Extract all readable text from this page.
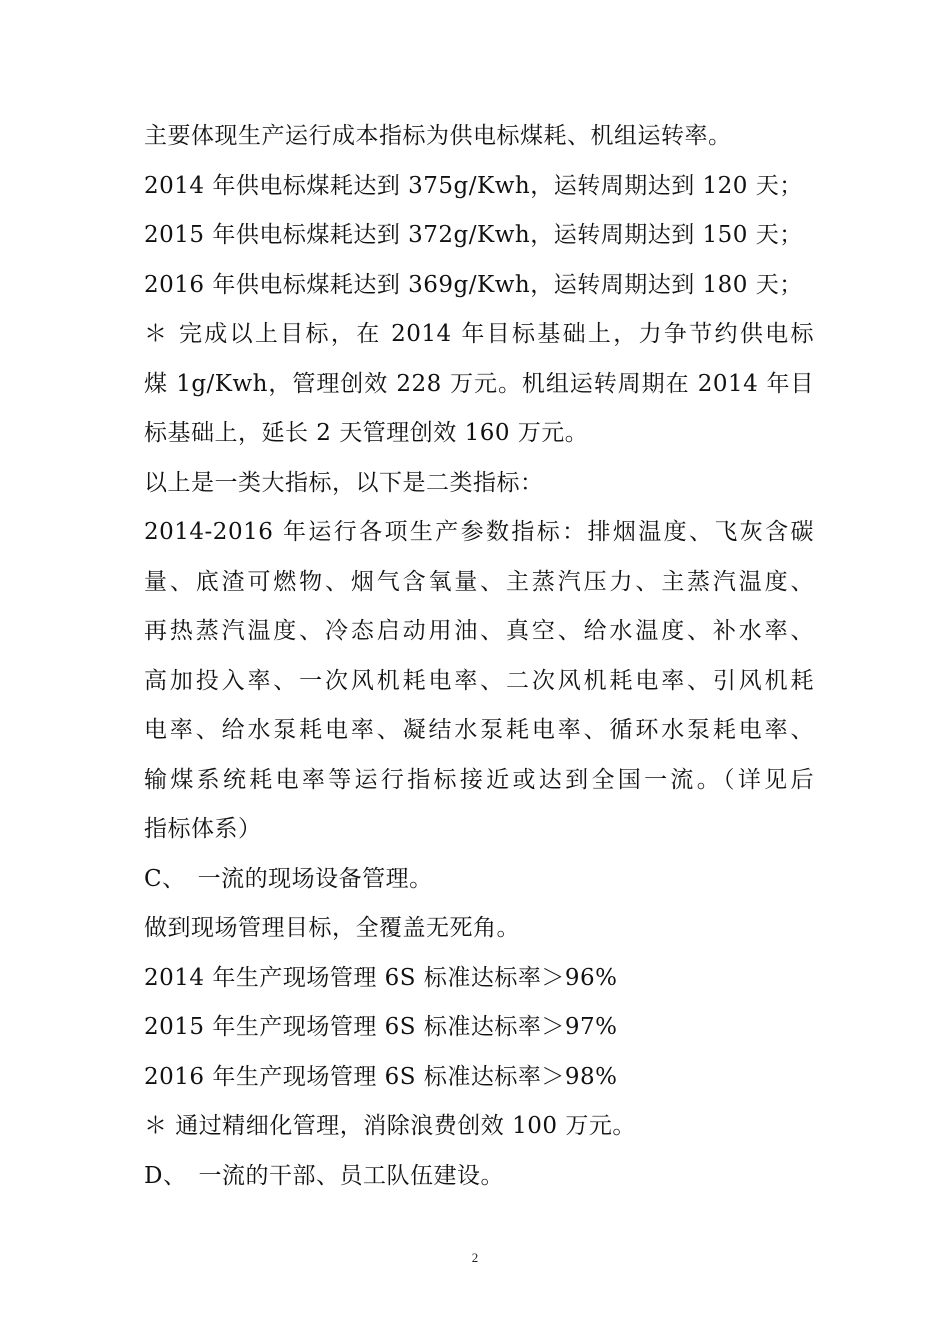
主要体现生产运行成本指标为供电标煤耗、机组运转率。
2014 年供电标煤耗达到 375g/Kwh，运转周期达到 120 天；
2015 年供电标煤耗达到 372g/Kwh，运转周期达到 150 天；
2016 年供电标煤耗达到 369g/Kwh，运转周期达到 180 天；
＊ 完成以上目标，在 2014 年目标基础上，力争节约供电标
煤 1g/Kwh，管理创效 228 万元。机组运转周期在 2014 年目
标基础上，延长 2 天管理创效 160 万元。
以上是一类大指标，以下是二类指标：
2014-2016 年运行各项生产参数指标：排烟温度、飞灰含碳
量、底渣可燃物、烟气含氧量、主蒸汽压力、主蒸汽温度、
再热蒸汽温度、冷态启动用油、真空、给水温度、补水率、
高加投入率、一次风机耗电率、二次风机耗电率、引风机耗
电率、给水泵耗电率、凝结水泵耗电率、循环水泵耗电率、
输煤系统耗电率等运行指标接近或达到全国一流。（详见后
指标体系）
C、　一流的现场设备管理。
做到现场管理目标，全覆盖无死角。
2014 年生产现场管理 6S 标准达标率＞96%
2015 年生产现场管理 6S 标准达标率＞97%
2016 年生产现场管理 6S 标准达标率＞98%
＊ 通过精细化管理，消除浪费创效 100 万元。
D、　一流的干部、员工队伍建设。
2
